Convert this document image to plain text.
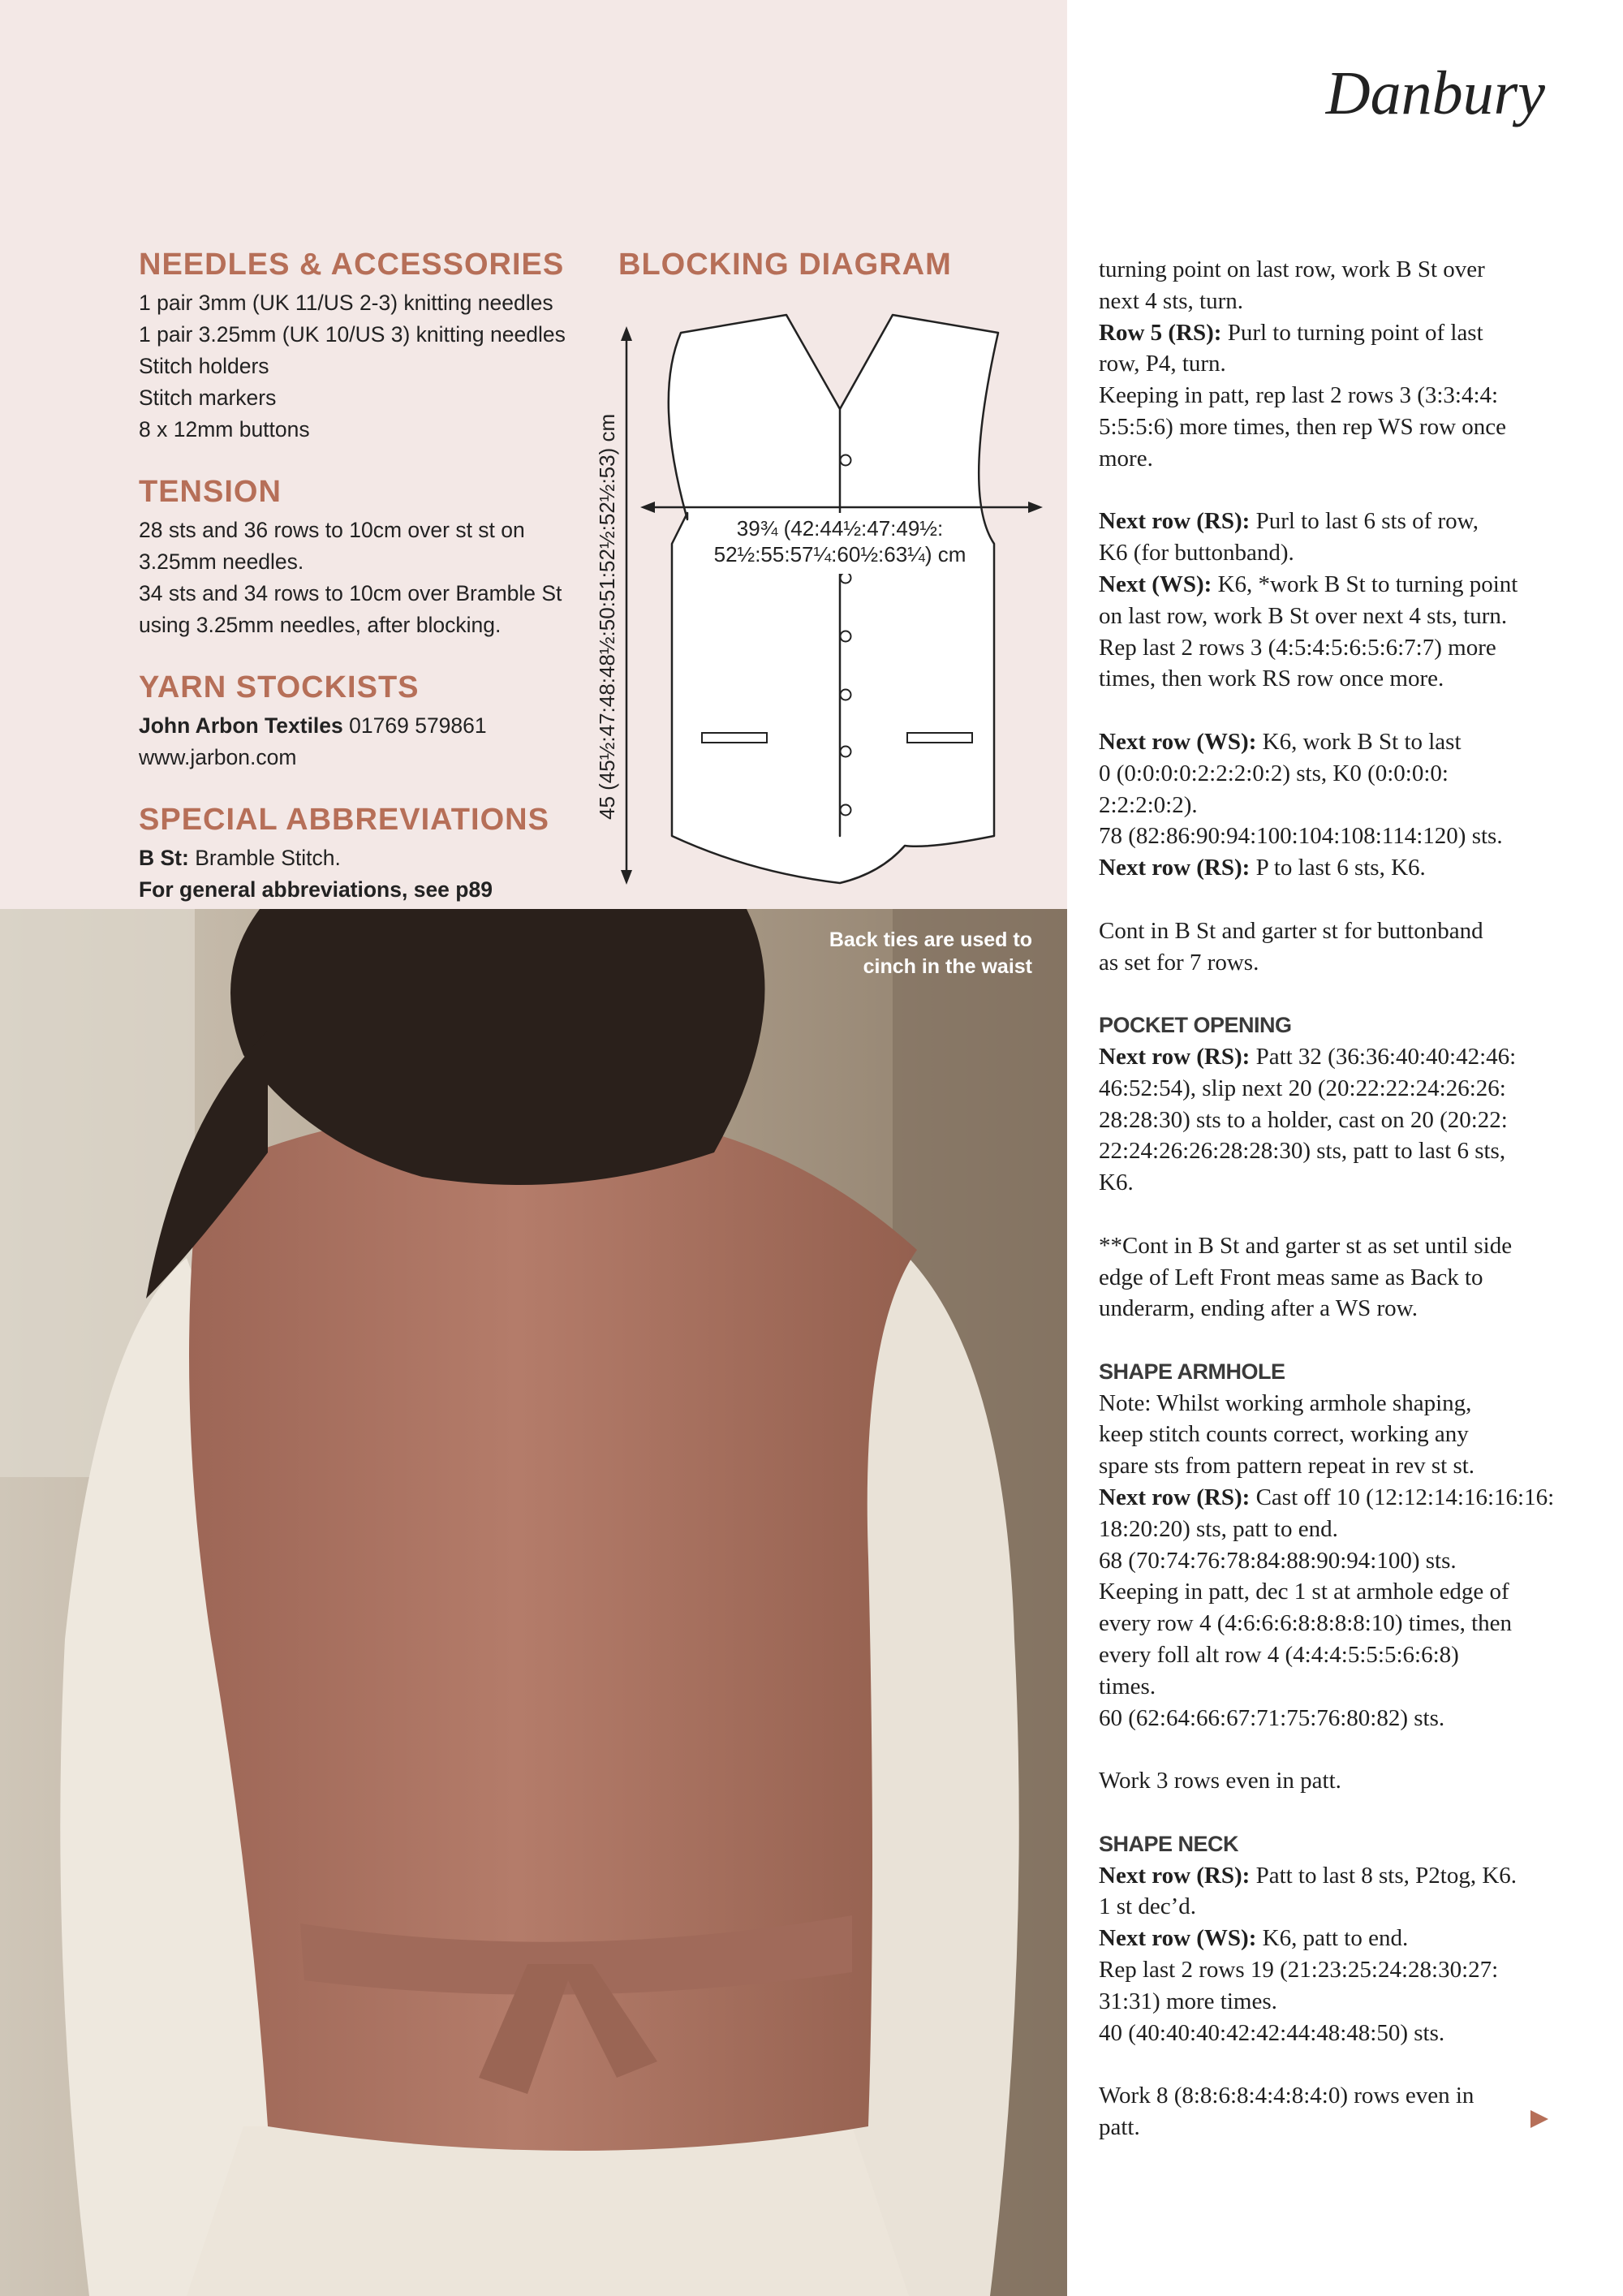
Danbury
NEEDLES & ACCESSORIES

1 pair 3mm (UK 11/US 2-3) knitting needles

1 pair 3.25mm (UK 10/US 3) knitting needles

Stitch holders

Stitch markers

8 x 12mm buttons

TENSION

28 sts and 36 rows to 10cm over st st on

3.25mm needles.

34 sts and 34 rows to 10cm over Bramble St

using 3.25mm needles, after blocking.

YARN STOCKISTS

John Arbon Textiles 01769 579861

www.jarbon.com

SPECIAL ABBREVIATIONS

B St: Bramble Stitch.

For general abbreviations, see p89

BLOCKING DIAGRAM
45 (45½:47:48:48½:50:51:52½:52½:53) cm	39¾ (42:44½:47:49½:
52½:55:57¼:60½:63¼) cm
Back ties are used to
cinch in the waist

turning point on last row, work B St over

next 4 sts, turn.

Row 5 (RS): Purl to turning point of last

row, P4, turn.

Keeping in patt, rep last 2 rows 3 (3:3:4:4:

5:5:5:6) more times, then rep WS row once

more.

Next row (RS): Purl to last 6 sts of row,

K6 (for buttonband).

Next (WS): K6, *work B St to turning point

on last row, work B St over next 4 sts, turn.

Rep last 2 rows 3 (4:5:4:5:6:5:6:7:7) more

times, then work RS row once more.

Next row (WS): K6, work B St to last

0 (0:0:0:0:2:2:2:0:2) sts, K0 (0:0:0:0:

2:2:2:0:2).

78 (82:86:90:94:100:104:108:114:120) sts.

Next row (RS): P to last 6 sts, K6.

Cont in B St and garter st for buttonband

as set for 7 rows.

POCKET OPENING

Next row (RS): Patt 32 (36:36:40:40:42:46:

46:52:54), slip next 20 (20:22:22:24:26:26:

28:28:30) sts to a holder, cast on 20 (20:22:

22:24:26:26:28:28:30) sts, patt to last 6 sts,

K6.

**Cont in B St and garter st as set until side

edge of Left Front meas same as Back to

underarm, ending after a WS row.

SHAPE ARMHOLE

Note: Whilst working armhole shaping,

keep stitch counts correct, working any

spare sts from pattern repeat in rev st st.

Next row (RS): Cast off 10 (12:12:14:16:16:16:

18:20:20) sts, patt to end.

68 (70:74:76:78:84:88:90:94:100) sts.

Keeping in patt, dec 1 st at armhole edge of

every row 4 (4:6:6:6:8:8:8:8:10) times, then

every foll alt row 4 (4:4:4:5:5:5:6:6:8)

times.

60 (62:64:66:67:71:75:76:80:82) sts.

Work 3 rows even in patt.

SHAPE NECK

Next row (RS): Patt to last 8 sts, P2tog, K6.

1 st dec’d.

Next row (WS): K6, patt to end.

Rep last 2 rows 19 (21:23:25:24:28:30:27:

31:31) more times.

40 (40:40:40:42:42:44:48:48:50) sts.

Work 8 (8:8:6:8:4:4:8:4:0) rows even in

patt.
